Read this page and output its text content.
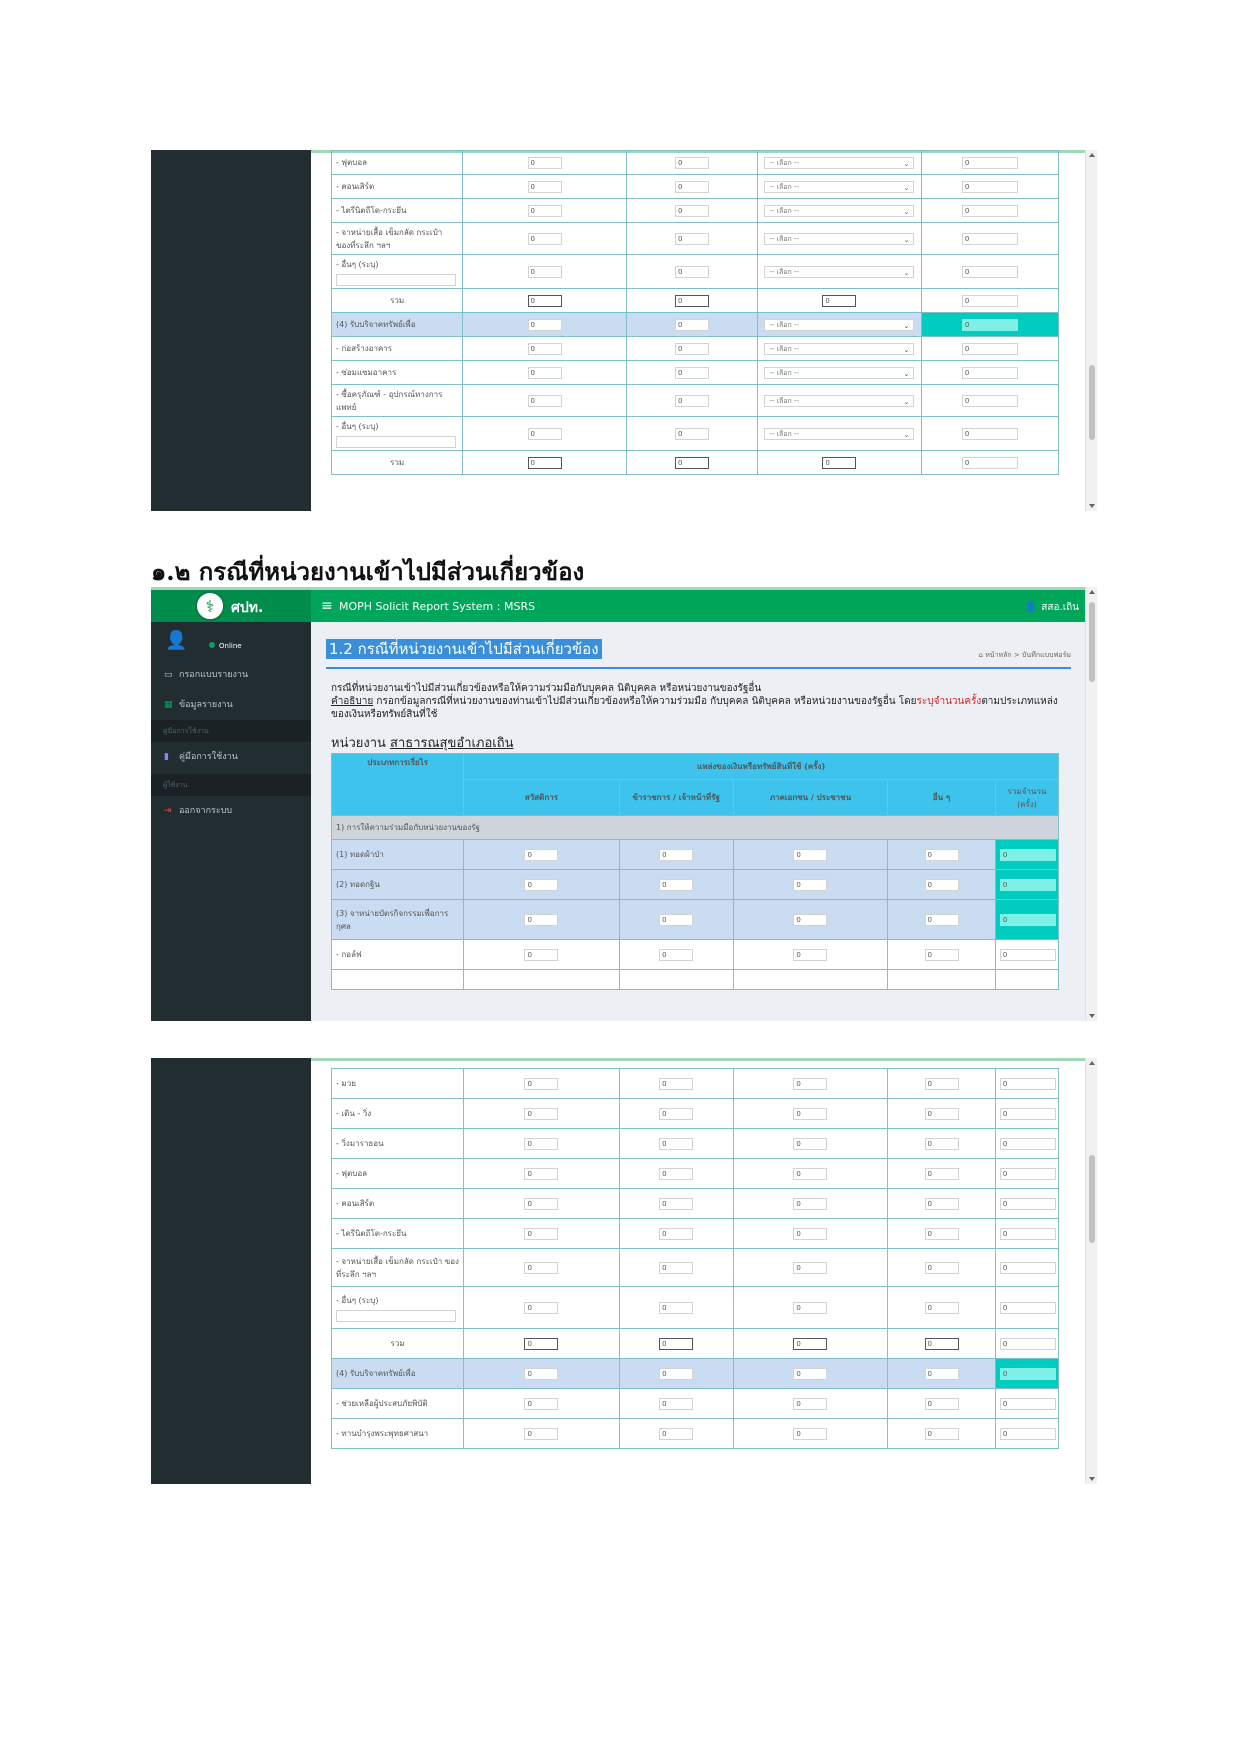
- ฟุตบอล	0	0	-- เลือก -- ⌄	0
- คอนเสิร์ต	0	0	-- เลือก -- ⌄	0
- ไตรีนิตถีโต-กระยึน	0	0	-- เลือก -- ⌄	0
- จาหน่ายเสื้อ เข็มกลัด กระเป๋า ของที่ระลึก ฯลฯ	0	0	-- เลือก -- ⌄	0
- อื่นๆ (ระบุ)	0	0	-- เลือก -- ⌄	0
รวม	0	0	0	0
(4) รับบริจาคทรัพย์เพื่อ	0	0	-- เลือก -- ⌄	0
- ก่อสร้างอาคาร	0	0	-- เลือก -- ⌄	0
- ซ่อมแซมอาคาร	0	0	-- เลือก -- ⌄	0
- ซื้อครุภัณฑ์ - อุปกรณ์ทางการแพทย์	0	0	-- เลือก -- ⌄	0
- อื่นๆ (ระบุ)	0	0	-- เลือก -- ⌄	0
รวม	0	0	0	0
๑.๒ กรณีที่หน่วยงานเข้าไปมีส่วนเกี่ยวข้อง
⚕	ศปท.	≡ MOPH Solicit Report System : MSRS	👤 สสอ.เถิน
👤	Online
▭ กรอกแบบรายงาน
▦ ข้อมูลรายงาน
คู่มือการใช้งาน
▮ คู่มือการใช้งาน
ผู้ใช้งาน
⇥ ออกจากระบบ
1.2 กรณีที่หน่วยงานเข้าไปมีส่วนเกี่ยวข้อง	⌂ หน้าหลัก > บันทึกแบบฟอร์ม
กรณีที่หน่วยงานเข้าไปมีส่วนเกี่ยวข้องหรือให้ความร่วมมือกับบุคคล นิติบุคคล หรือหน่วยงานของรัฐอื่น
คำอธิบาย กรอกข้อมูลกรณีที่หน่วยงานของท่านเข้าไปมีส่วนเกี่ยวข้องหรือให้ความร่วมมือ กับบุคคล นิติบุคคล หรือหน่วยงานของรัฐอื่น โดยระบุจำนวนครั้งตามประเภทแหล่งของเงินหรือทรัพย์สินที่ใช้
หน่วยงาน สาธารณสุขอำเภอเถิน
ประเภทการเรี่ยไร	แหล่งของเงินหรือทรัพย์สินที่ใช้ (ครั้ง)				
	สวัสดิการ	ข้าราชการ / เจ้าหน้าที่รัฐ	ภาคเอกชน / ประชาชน	อื่น ๆ	รวมจำนวน (ครั้ง)
1) การให้ความร่วมมือกับหน่วยงานของรัฐ					
(1) ทอดผ้าป่า	0	0	0	0	0
(2) ทอดกฐิน	0	0	0	0	0
(3) จาหน่ายบัตรกิจกรรมเพื่อการกุศล	0	0	0	0	0
- กอล์ฟ	0	0	0	0	0

- มวย	0	0	0	0	0
- เดิน - วิ่ง	0	0	0	0	0
- วิ่งมาราธอน	0	0	0	0	0
- ฟุตบอล	0	0	0	0	0
- คอนเสิร์ต	0	0	0	0	0
- ไตรีนิตถีโต-กระยึน	0	0	0	0	0
- จาหน่ายเสื้อ เข็มกลัด กระเป๋า ของที่ระลึก ฯลฯ	0	0	0	0	0
- อื่นๆ (ระบุ)	0	0	0	0	0
รวม	0	0	0	0	0
(4) รับบริจาคทรัพย์เพื่อ	0	0	0	0	0
- ช่วยเหลือผู้ประสบภัยพิบัติ	0	0	0	0	0
- ทานบำรุงพระพุทธศาสนา	0	0	0	0	0
